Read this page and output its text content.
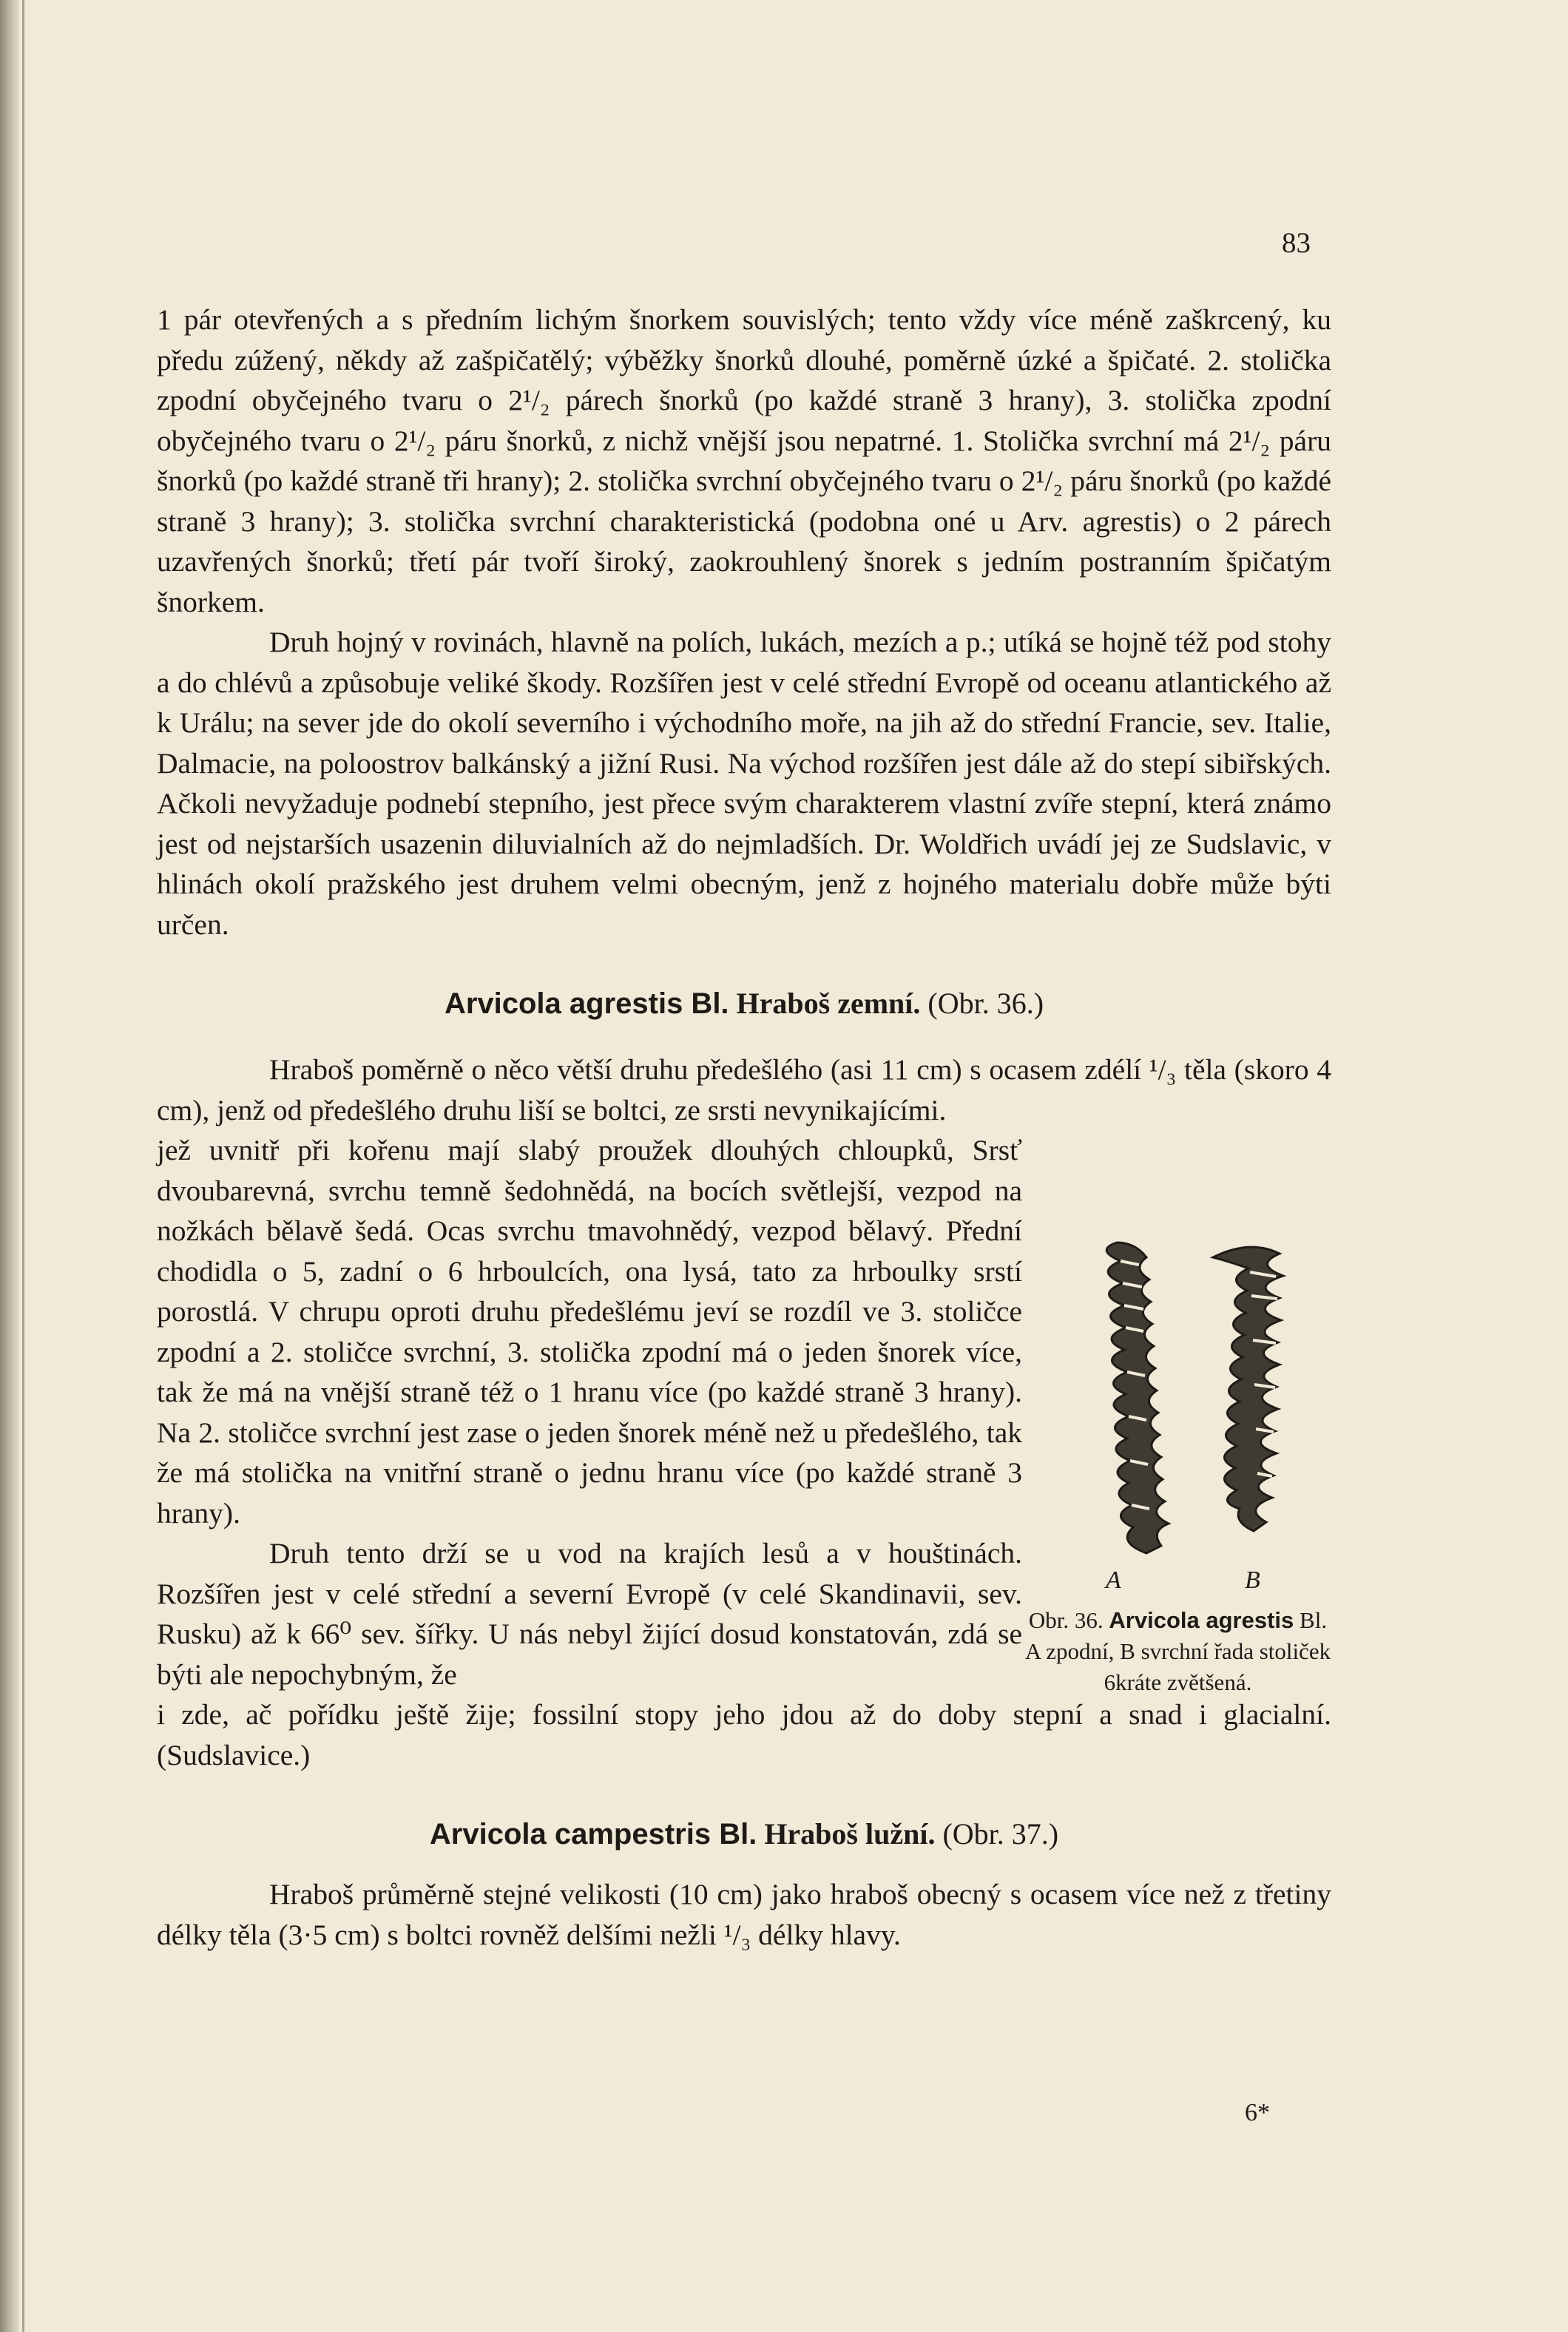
83

1 pár otevřených a s předním lichým šnorkem souvislých; tento vždy více méně zaškrcený, ku předu zúžený, někdy až zašpičatělý; výběžky šnorků dlouhé, poměrně úzké a špičaté. 2. stolička zpodní obyčejného tvaru o 2¹/₂ párech šnorků (po každé straně 3 hrany), 3. stolička zpodní obyčejného tvaru o 2¹/₂ páru šnorků, z nichž vnější jsou nepatrné. 1. Stolička svrchní má 2¹/₂ páru šnorků (po každé straně tři hrany); 2. stolička svrchní obyčejného tvaru o 2¹/₂ páru šnorků (po každé straně 3 hrany); 3. stolička svrchní charakteristická (podobna oné u Arv. agrestis) o 2 párech uzavřených šnorků; třetí pár tvoří široký, zaokrouhlený šnorek s jedním postranním špičatým šnorkem.

Druh hojný v rovinách, hlavně na polích, lukách, mezích a p.; utíká se hojně též pod stohy a do chlévů a způsobuje veliké škody. Rozšířen jest v celé střední Evropě od oceanu atlantického až k Urálu; na sever jde do okolí severního i východního moře, na jih až do střední Francie, sev. Italie, Dalmacie, na poloostrov balkánský a jižní Rusi. Na východ rozšířen jest dále až do stepí sibiřských. Ačkoli nevyžaduje podnebí stepního, jest přece svým charakterem vlastní zvíře stepní, která známo jest od nejstarších usazenin diluvialních až do nejmladších. Dr. Woldřich uvádí jej ze Sudslavic, v hlinách okolí pražského jest druhem velmi obecným, jenž z hojného materialu dobře může býti určen.

Arvicola agrestis Bl. Hraboš zemní. (Obr. 36.)

Hraboš poměrně o něco větší druhu předešlého (asi 11 cm) s ocasem zdélí ¹/₃ těla (skoro 4 cm), jenž od předešlého druhu liší se boltci, ze srsti nevynikajícími.

jež uvnitř při kořenu mají slabý proužek dlouhých chloupků, Srsť dvoubarevná, svrchu temně šedohnědá, na bocích světlejší, vezpod na nožkách bělavě šedá. Ocas svrchu tmavohnědý, vezpod bělavý. Přední chodidla o 5, zadní o 6 hrboulcích, ona lysá, tato za hrboulky srstí porostlá. V chrupu oproti druhu předešlému jeví se rozdíl ve 3. stoličce zpodní a 2. stoličce svrchní, 3. stolička zpodní má o jeden šnorek více, tak že má na vnější straně též o 1 hranu více (po každé straně 3 hrany). Na 2. stoličce svrchní jest zase o jeden šnorek méně než u předešlého, tak že má stolička na vnitřní straně o jednu hranu více (po každé straně 3 hrany).

Druh tento drží se u vod na krajích lesů a v houštinách. Rozšířen jest v celé střední a severní Evropě (v celé Skandinavii, sev. Rusku) až k 66⁰ sev. šířky. U nás nebyl žijící dosud konstatován, zdá se býti ale nepochybným, že

i zde, ač pořídku ještě žije; fossilní stopy jeho jdou až do doby stepní a snad i glacialní. (Sudslavice.)

Arvicola campestris Bl. Hraboš lužní. (Obr. 37.)

Hraboš průměrně stejné velikosti (10 cm) jako hraboš obecný s ocasem více než z třetiny délky těla (3·5 cm) s boltci rovněž delšími nežli ¹/₃ délky hlavy.

A	B
Obr. 36. Arvicola agrestis Bl. A zpodní, B svrchní řada stoliček 6kráte zvětšená.
6*
